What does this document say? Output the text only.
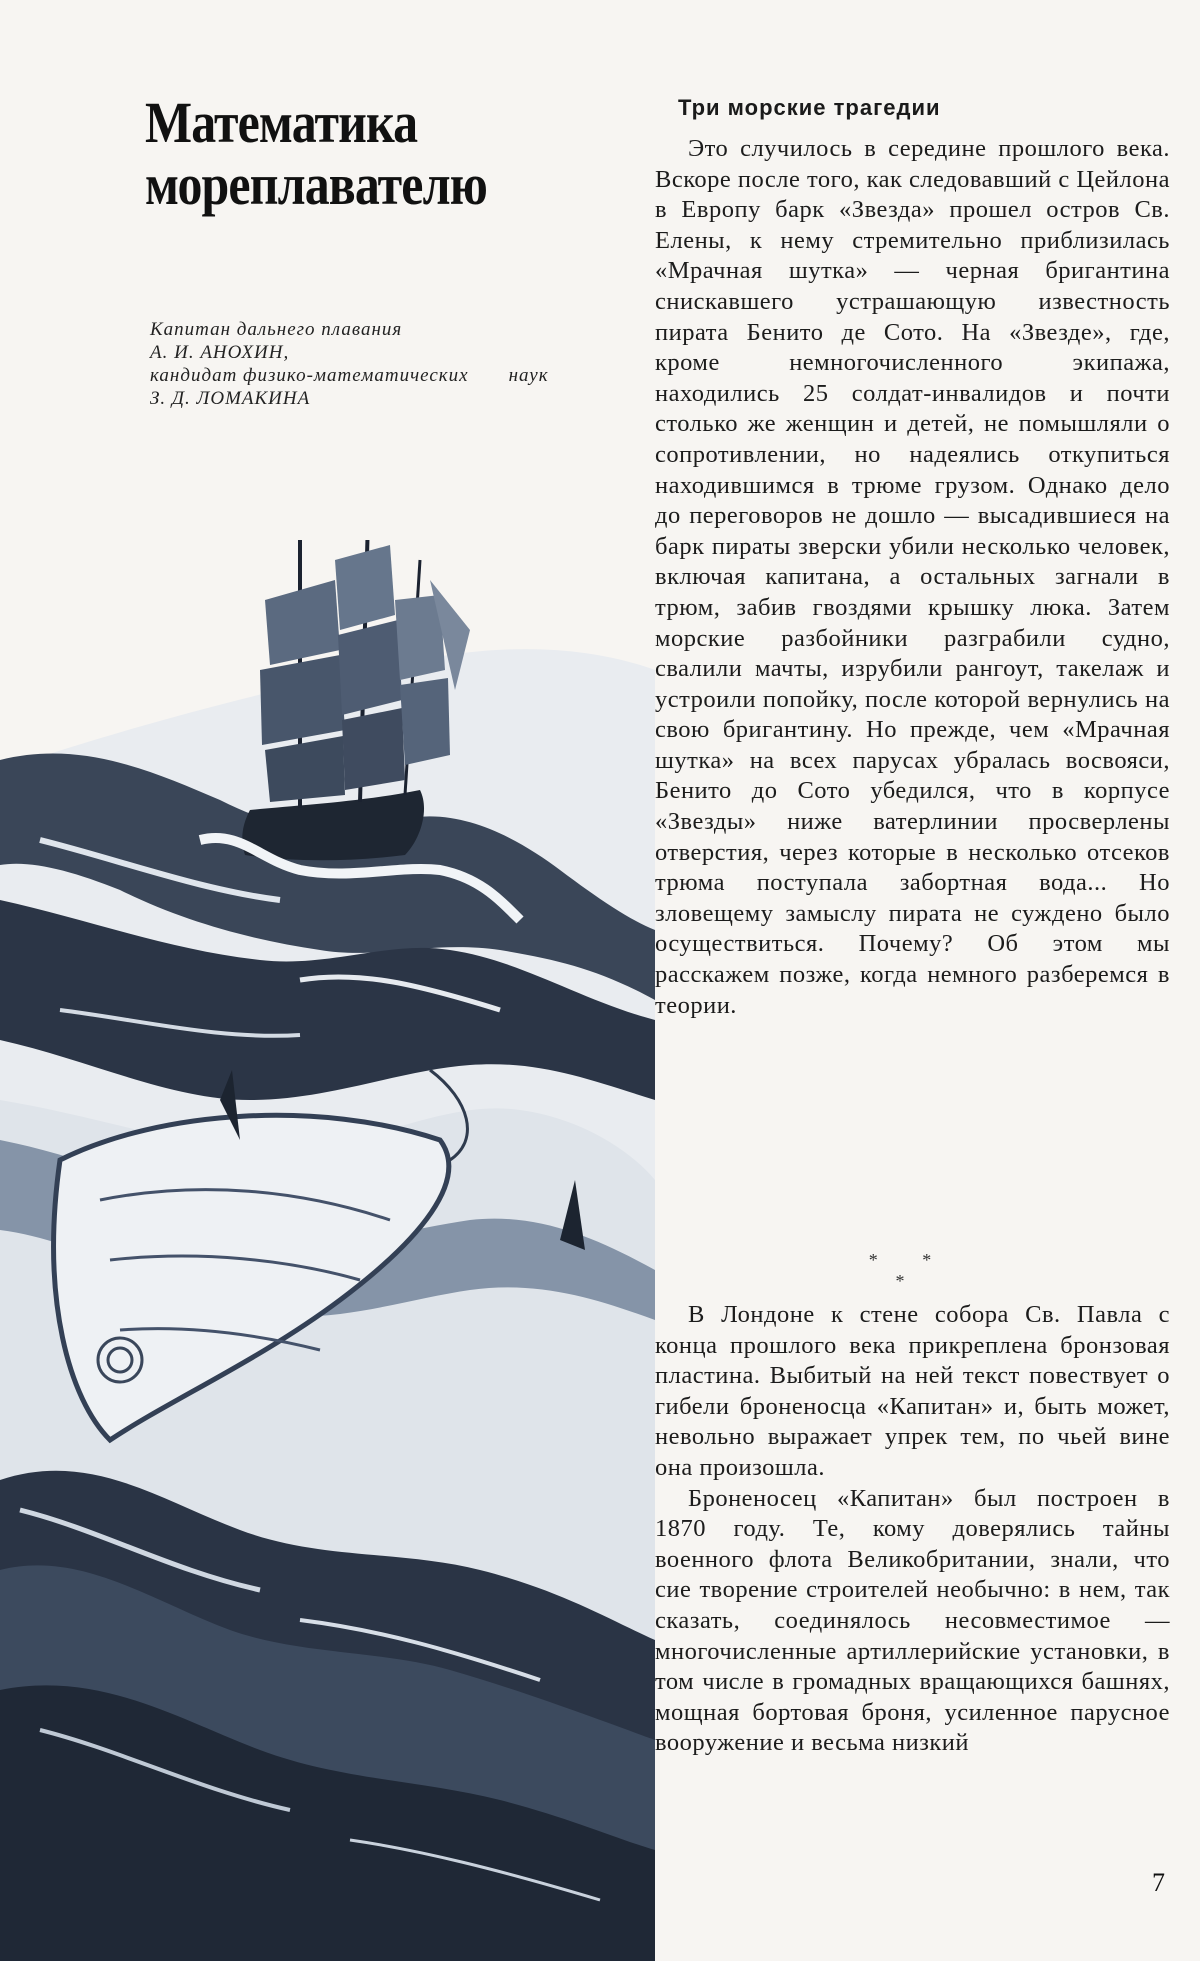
Математика
мореплавателю
Капитан дальнего плавания
А. И. АНОХИН,
кандидат физико-математических наук
З. Д. ЛОМАКИНА
Три морские трагедии

Это случилось в середине прошлого века. Вскоре после того, как следовавший с Цейлона в Европу барк «Звезда» прошел остров Св. Елены, к нему стремительно приблизилась «Мрачная шутка» — черная бригантина снискавшего устрашающую известность пирата Бенито де Сото. На «Звезде», где, кроме немногочисленного экипажа, находились 25 солдат-инвалидов и почти столько же женщин и детей, не помышляли о сопротивлении, но надеялись откупиться находившимся в трюме грузом. Однако дело до переговоров не дошло — высадившиеся на барк пираты зверски убили несколько человек, включая капитана, а остальных загнали в трюм, забив гвоздями крышку люка. Затем морские разбойники разграбили судно, свалили мачты, изрубили рангоут, такелаж и устроили попойку, после которой вернулись на свою бригантину. Но прежде, чем «Мрачная шутка» на всех парусах убралась восвояси, Бенито до Сото убедился, что в корпусе «Звезды» ниже ватерлинии просверлены отверстия, через которые в несколько отсеков трюма поступала забортная вода... Но зловещему замыслу пирата не суждено было осуществиться. Почему? Об этом мы расскажем позже, когда немного разберемся в теории.

* * *

В Лондоне к стене собора Св. Павла с конца прошлого века прикреплена бронзовая пластина. Выбитый на ней текст повествует о гибели броненосца «Капитан» и, быть может, невольно выражает упрек тем, по чьей вине она произошла.

Броненосец «Капитан» был построен в 1870 году. Те, кому доверялись тайны военного флота Великобритании, знали, что сие творение строителей необычно: в нем, так сказать, соединялось несовместимое — многочисленные артиллерийские установки, в том числе в громадных вращающихся башнях, мощная бортовая броня, усиленное парусное вооружение и весьма низкий

7
